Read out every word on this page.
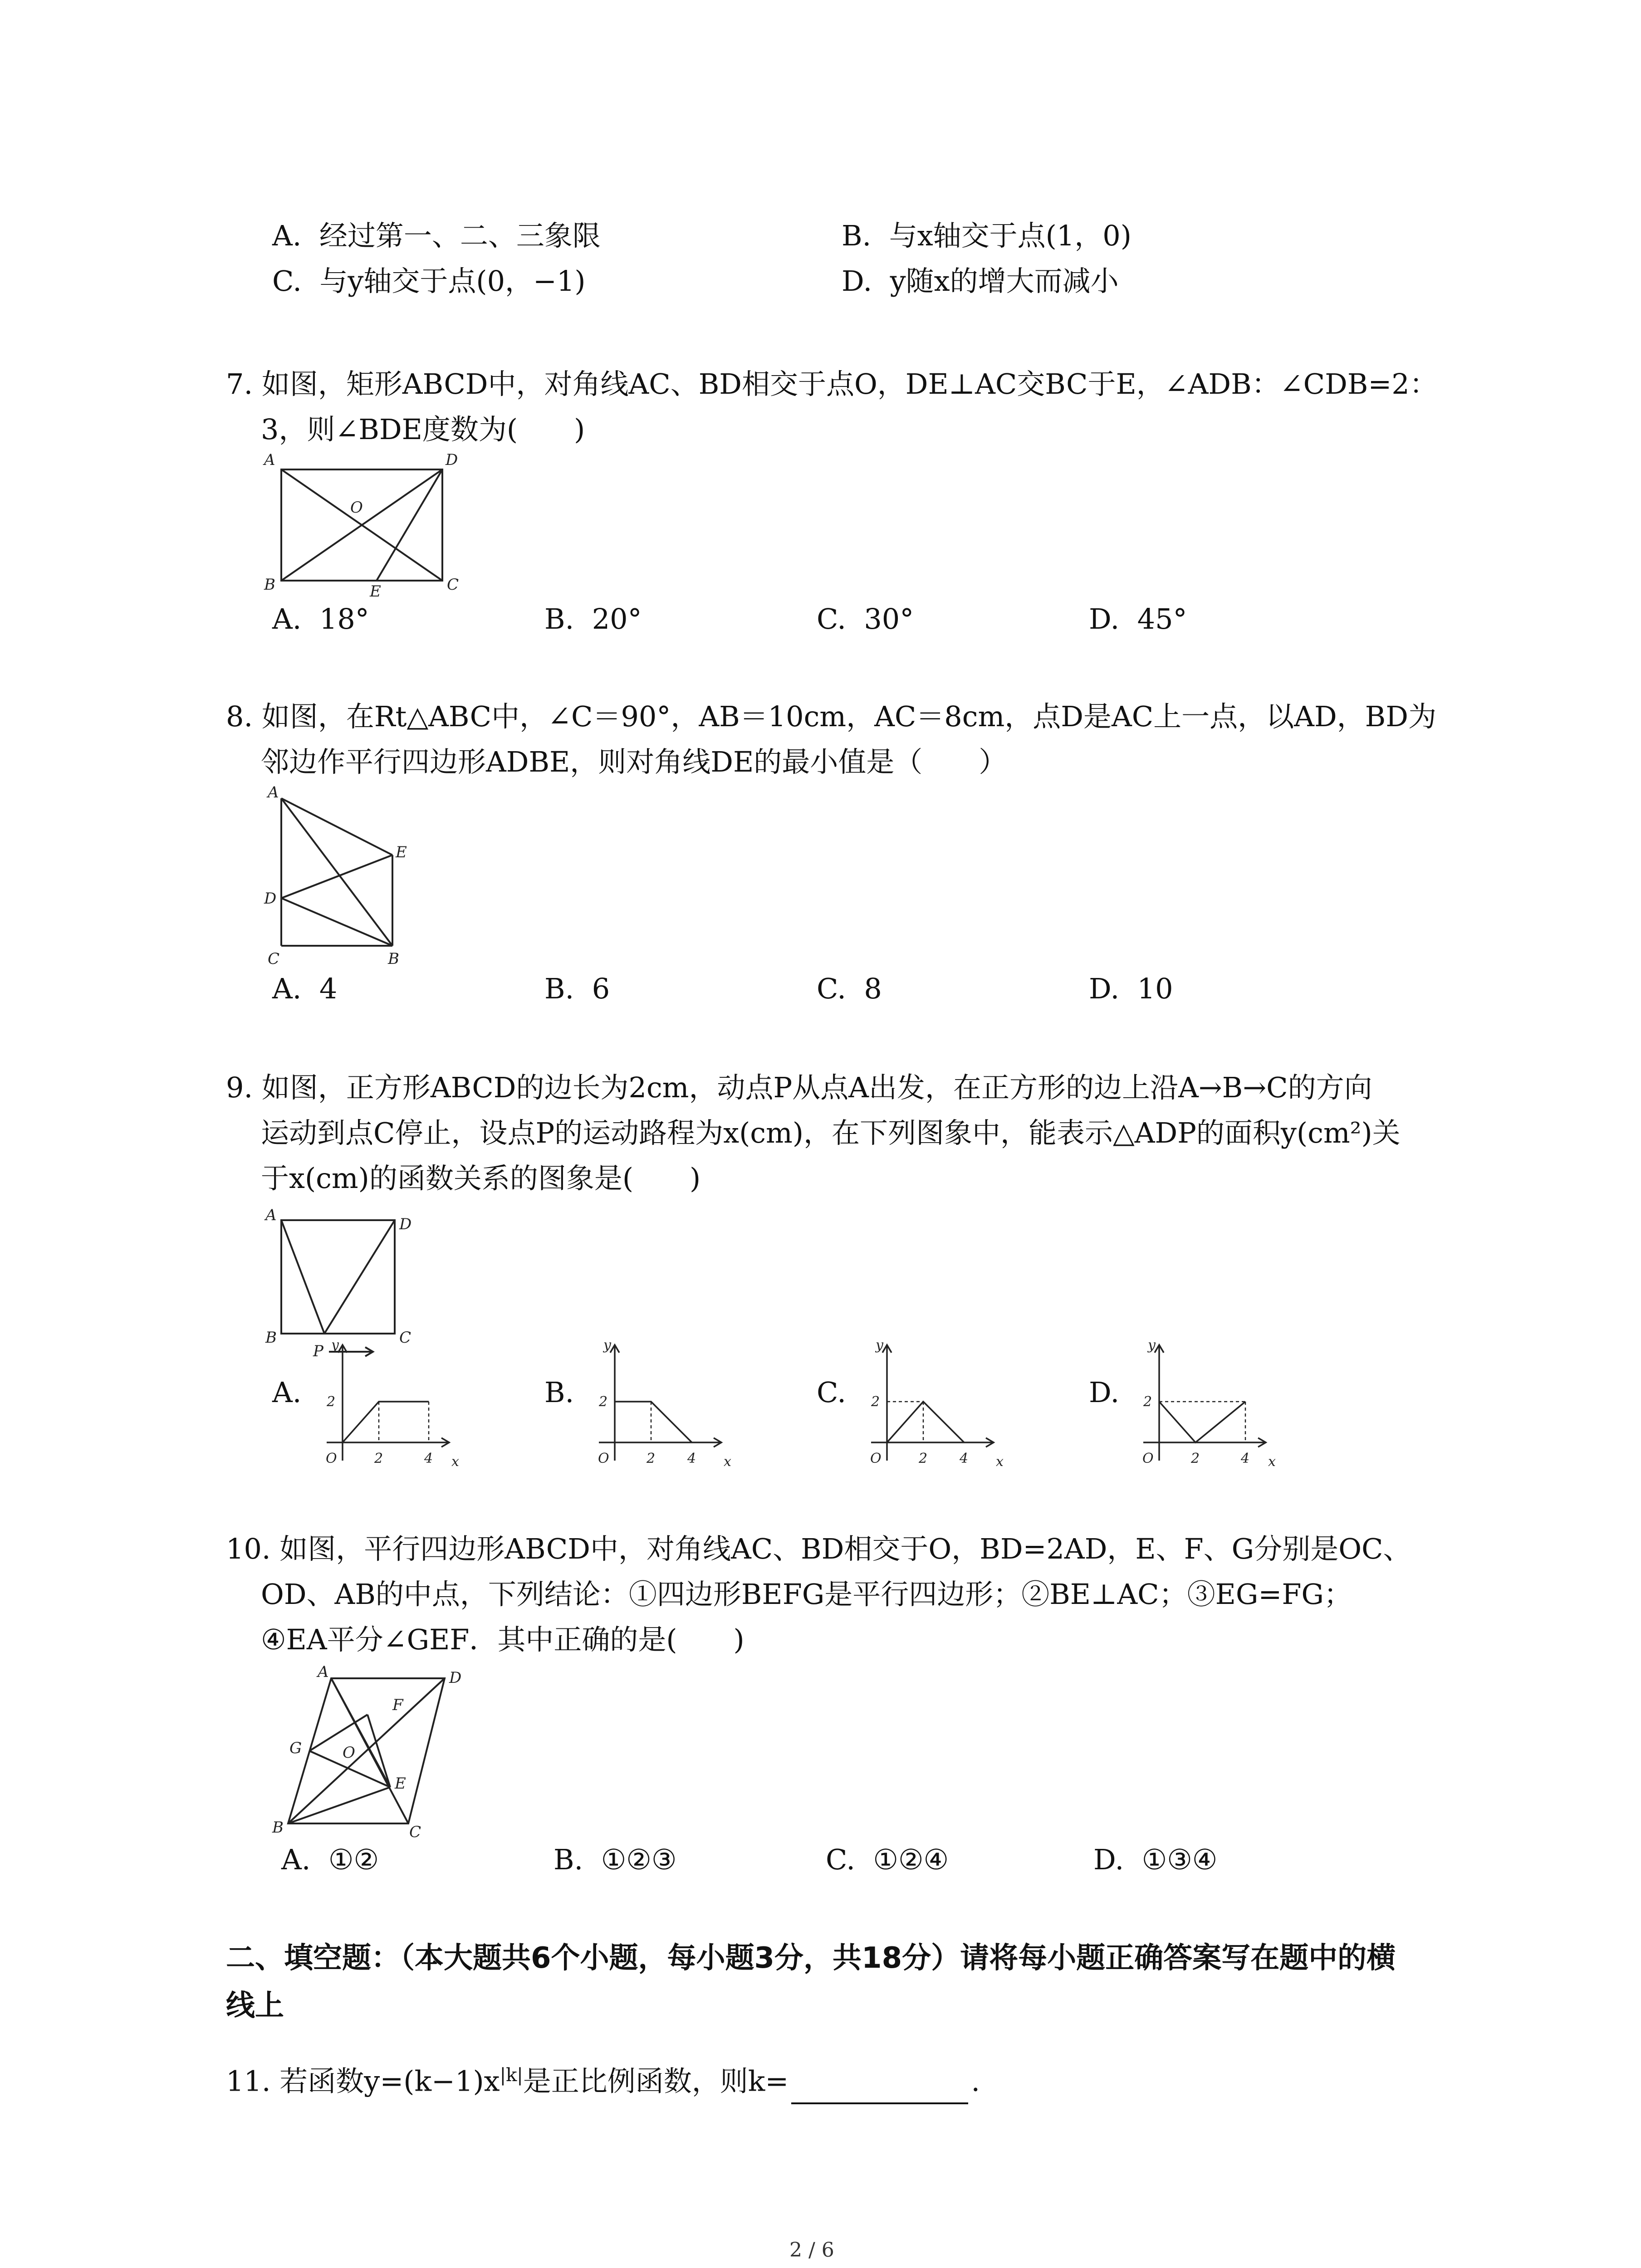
A. 经过第一、二、三象限	B. 与x轴交于点(1，0)
C. 与y轴交于点(0，−1)	D. y随x的增大而减小
7. 如图，矩形ABCD中，对角线AC、BD相交于点O，DE⊥AC交BC于E，∠ADB：∠CDB=2：
3，则∠BDE度数为(　　)
A	D
O
B	E	C
A. 18°	B. 20°	C. 30°	D. 45°
8. 如图，在Rt△ABC中，∠C＝90°，AB＝10cm，AC＝8cm，点D是AC上一点，以AD，BD为
邻边作平行四边形ADBE，则对角线DE的最小值是（　　）
A
E
D
C	B
A. 4	B. 6	C. 8	D. 10
9. 如图，正方形ABCD的边长为2cm，动点P从点A出发，在正方形的边上沿A→B→C的方向
运动到点C停止，设点P的运动路程为x(cm)，在下列图象中，能表示△ADP的面积y(cm²)关
于x(cm)的函数关系的图象是(　　)
A	D
B
P
C
A.
y
2
O	2	4 x
B.
y
2
O	2 4 x
C.
y
2
O	2 4 x
D.
y
2
O	2	4 x
10. 如图，平行四边形ABCD中，对角线AC、BD相交于O，BD=2AD，E、F、G分别是OC、
OD、AB的中点，下列结论：①四边形BEFG是平行四边形；②BE⊥AC；③EG=FG；
④EA平分∠GEF．其中正确的是(　　)
A	D
F
G	O
E
B	C
A. ①②	B. ①②③	C. ①②④	D. ①③④
二、填空题：（本大题共6个小题，每小题3分，共18分）请将每小题正确答案写在题中的横
线上
11. 若函数$y=(k-1)x^{|k|}$是正比例函数，则k=	.
2 / 6
